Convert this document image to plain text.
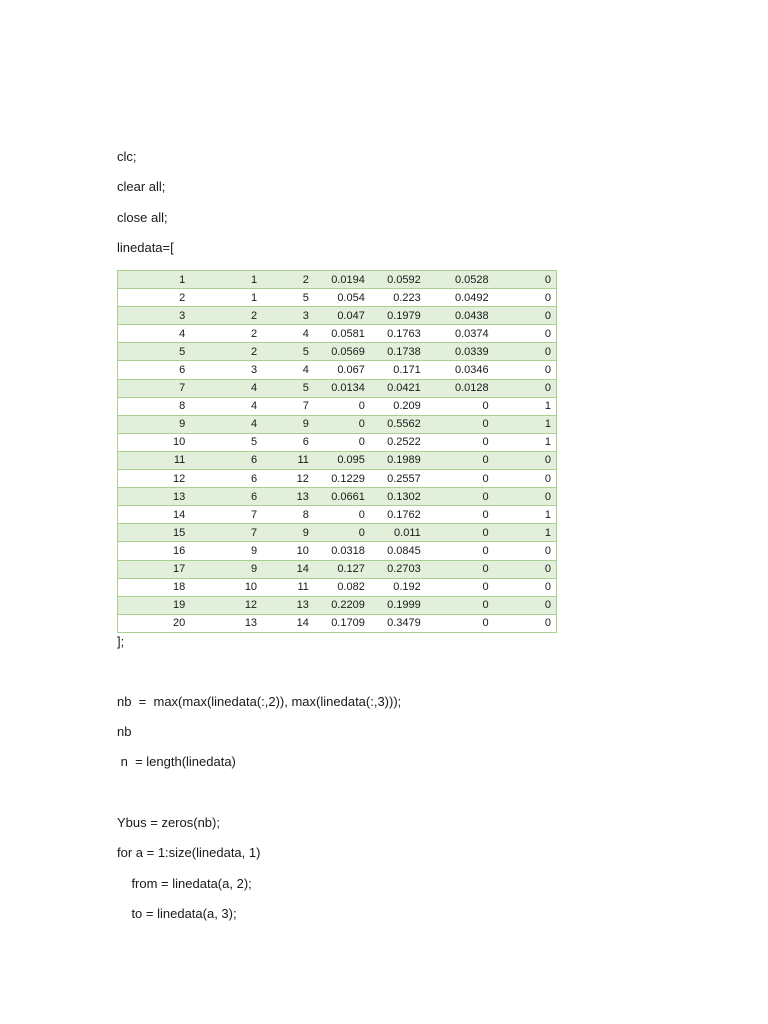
clc;
clear all;
close all;
linedata=[
1	1	2	0.0194	0.0592	0.0528	0
2	1	5	0.054	0.223	0.0492	0
3	2	3	0.047	0.1979	0.0438	0
4	2	4	0.0581	0.1763	0.0374	0
5	2	5	0.0569	0.1738	0.0339	0
6	3	4	0.067	0.171	0.0346	0
7	4	5	0.0134	0.0421	0.0128	0
8	4	7	0	0.209	0	1
9	4	9	0	0.5562	0	1
10	5	6	0	0.2522	0	1
11	6	11	0.095	0.1989	0	0
12	6	12	0.1229	0.2557	0	0
13	6	13	0.0661	0.1302	0	0
14	7	8	0	0.1762	0	1
15	7	9	0	0.011	0	1
16	9	10	0.0318	0.0845	0	0
17	9	14	0.127	0.2703	0	0
18	10	11	0.082	0.192	0	0
19	12	13	0.2209	0.1999	0	0
20	13	14	0.1709	0.3479	0	0
];
nb  =  max(max(linedata(:,2)), max(linedata(:,3)));
nb
n  = length(linedata)
Ybus = zeros(nb);
for a = 1:size(linedata, 1)
from = linedata(a, 2);
to = linedata(a, 3);
